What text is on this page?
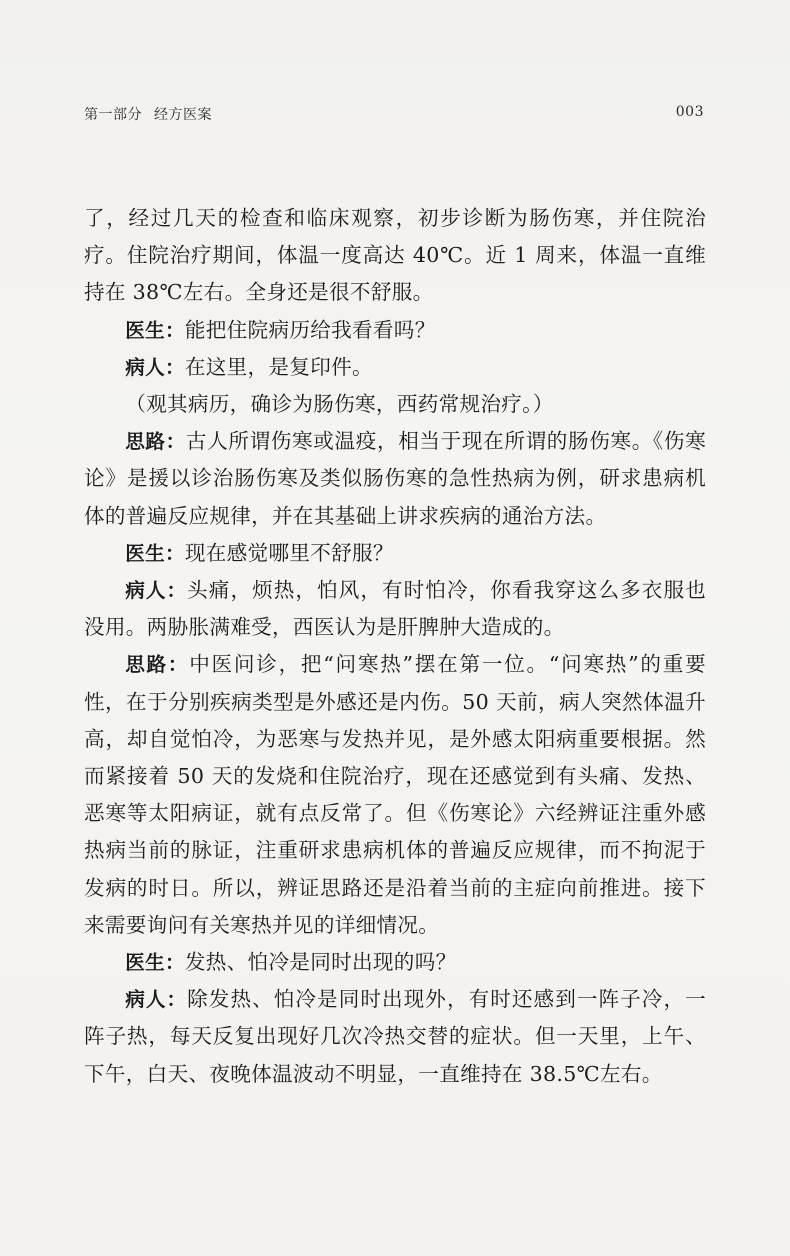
第一部分 经方医案	003

了，经过几天的检查和临床观察，初步诊断为肠伤寒，并住院治疗。住院治疗期间，体温一度高达 40℃。近 1 周来，体温一直维持在 38℃左右。全身还是很不舒服。

医生：能把住院病历给我看看吗？

病人：在这里，是复印件。

（观其病历，确诊为肠伤寒，西药常规治疗。）

思路：古人所谓伤寒或温疫，相当于现在所谓的肠伤寒。《伤寒论》是援以诊治肠伤寒及类似肠伤寒的急性热病为例，研求患病机体的普遍反应规律，并在其基础上讲求疾病的通治方法。

医生：现在感觉哪里不舒服？

病人：头痛，烦热，怕风，有时怕冷，你看我穿这么多衣服也没用。两胁胀满难受，西医认为是肝脾肿大造成的。

思路：中医问诊，把“问寒热”摆在第一位。“问寒热”的重要性，在于分别疾病类型是外感还是内伤。50 天前，病人突然体温升高，却自觉怕冷，为恶寒与发热并见，是外感太阳病重要根据。然而紧接着 50 天的发烧和住院治疗，现在还感觉到有头痛、发热、恶寒等太阳病证，就有点反常了。但《伤寒论》六经辨证注重外感热病当前的脉证，注重研求患病机体的普遍反应规律，而不拘泥于发病的时日。所以，辨证思路还是沿着当前的主症向前推进。接下来需要询问有关寒热并见的详细情况。

医生：发热、怕冷是同时出现的吗？

病人：除发热、怕冷是同时出现外，有时还感到一阵子冷，一阵子热，每天反复出现好几次冷热交替的症状。但一天里，上午、下午，白天、夜晚体温波动不明显，一直维持在 38.5℃左右。
